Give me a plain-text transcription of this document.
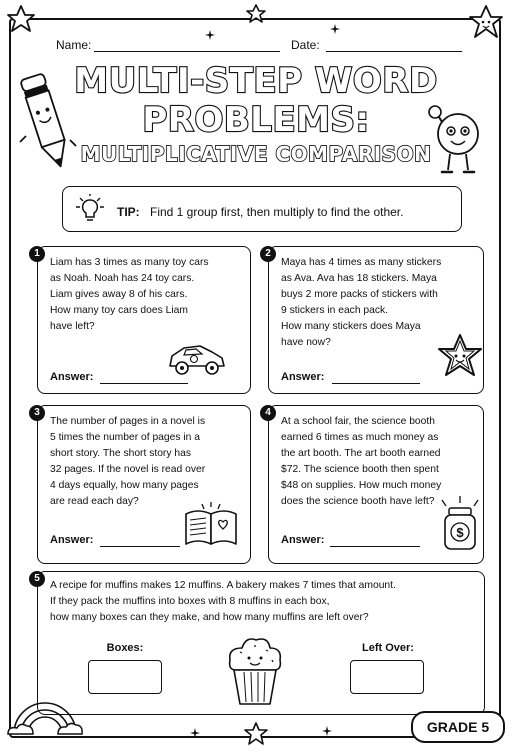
Name:	Date:
MULTI-STEP WORD
PROBLEMS:
MULTIPLICATIVE COMPARISON
TIP: Find 1 group first, then multiply to find the other.
1
Liam has 3 times as many toy cars
as Noah. Noah has 24 toy cars.
Liam gives away 8 of his cars.
How many toy cars does Liam
have left?
Answer:
2
Maya has 4 times as many stickers
as Ava. Ava has 18 stickers. Maya
buys 2 more packs of stickers with
9 stickers in each pack.
How many stickers does Maya
have now?
Answer:
3
The number of pages in a novel is
5 times the number of pages in a
short story. The short story has
32 pages. If the novel is read over
4 days equally, how many pages
are read each day?
Answer:
4
At a school fair, the science booth
earned 6 times as much money as
the art booth. The art booth earned
$72. The science booth then spent
$48 on supplies. How much money
does the science booth have left?
Answer:	$
5
A recipe for muffins makes 12 muffins. A bakery makes 7 times that amount.
If they pack the muffins into boxes with 8 muffins in each box,
how many boxes can they make, and how many muffins are left over?
Boxes:	Left Over:
GRADE 5
